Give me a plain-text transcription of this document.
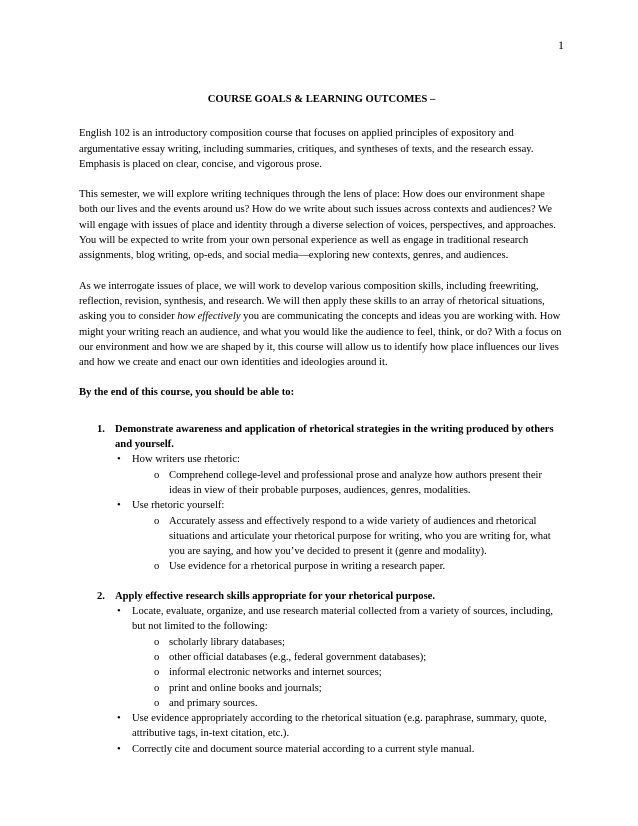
1
COURSE GOALS & LEARNING OUTCOMES –

English 102 is an introductory composition course that focuses on applied principles of expository and argumentative essay writing, including summaries, critiques, and syntheses of texts, and the research essay. Emphasis is placed on clear, concise, and vigorous prose.

This semester, we will explore writing techniques through the lens of place: How does our environment shape both our lives and the events around us? How do we write about such issues across contexts and audiences? We will engage with issues of place and identity through a diverse selection of voices, perspectives, and approaches. You will be expected to write from your own personal experience as well as engage in traditional research assignments, blog writing, op-eds, and social media—exploring new contexts, genres, and audiences.

As we interrogate issues of place, we will work to develop various composition skills, including freewriting, reflection, revision, synthesis, and research. We will then apply these skills to an array of rhetorical situations, asking you to consider how effectively you are communicating the concepts and ideas you are working with. How might your writing reach an audience, and what you would like the audience to feel, think, or do? With a focus on our environment and how we are shaped by it, this course will allow us to identify how place influences our lives and how we create and enact our own identities and ideologies around it.

By the end of this course, you should be able to:
1. Demonstrate awareness and application of rhetorical strategies in the writing produced by others and yourself.
• How writers use rhetoric:
o Comprehend college-level and professional prose and analyze how authors present their ideas in view of their probable purposes, audiences, genres, modalities.
• Use rhetoric yourself:
o Accurately assess and effectively respond to a wide variety of audiences and rhetorical situations and articulate your rhetorical purpose for writing, who you are writing for, what you are saying, and how you’ve decided to present it (genre and modality).
o Use evidence for a rhetorical purpose in writing a research paper.
2. Apply effective research skills appropriate for your rhetorical purpose.
• Locate, evaluate, organize, and use research material collected from a variety of sources, including, but not limited to the following:
o scholarly library databases;
o other official databases (e.g., federal government databases);
o informal electronic networks and internet sources;
o print and online books and journals;
o and primary sources.
• Use evidence appropriately according to the rhetorical situation (e.g. paraphrase, summary, quote, attributive tags, in-text citation, etc.).
• Correctly cite and document source material according to a current style manual.
